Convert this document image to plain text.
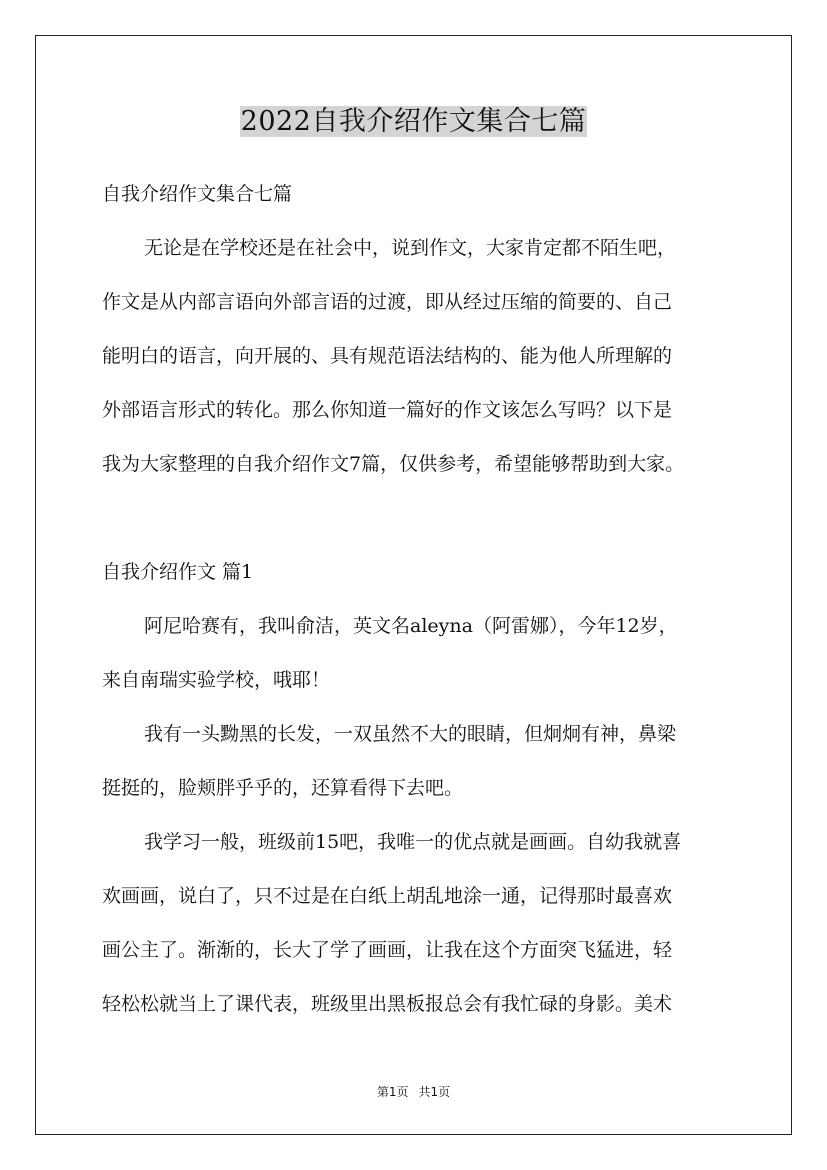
2022自我介绍作文集合七篇
自我介绍作文集合七篇
无论是在学校还是在社会中，说到作文，大家肯定都不陌生吧，
作文是从内部言语向外部言语的过渡，即从经过压缩的简要的、自己
能明白的语言，向开展的、具有规范语法结构的、能为他人所理解的
外部语言形式的转化。那么你知道一篇好的作文该怎么写吗？以下是
我为大家整理的自我介绍作文7篇，仅供参考，希望能够帮助到大家。
自我介绍作文 篇1
阿尼哈赛有，我叫俞洁，英文名aleyna（阿雷娜），今年12岁，
来自南瑞实验学校，哦耶！
我有一头黝黑的长发，一双虽然不大的眼睛，但炯炯有神，鼻梁
挺挺的，脸颊胖乎乎的，还算看得下去吧。
我学习一般，班级前15吧，我唯一的优点就是画画。自幼我就喜
欢画画，说白了，只不过是在白纸上胡乱地涂一通，记得那时最喜欢
画公主了。渐渐的，长大了学了画画，让我在这个方面突飞猛进，轻
轻松松就当上了课代表，班级里出黑板报总会有我忙碌的身影。美术
第1页 共1页
